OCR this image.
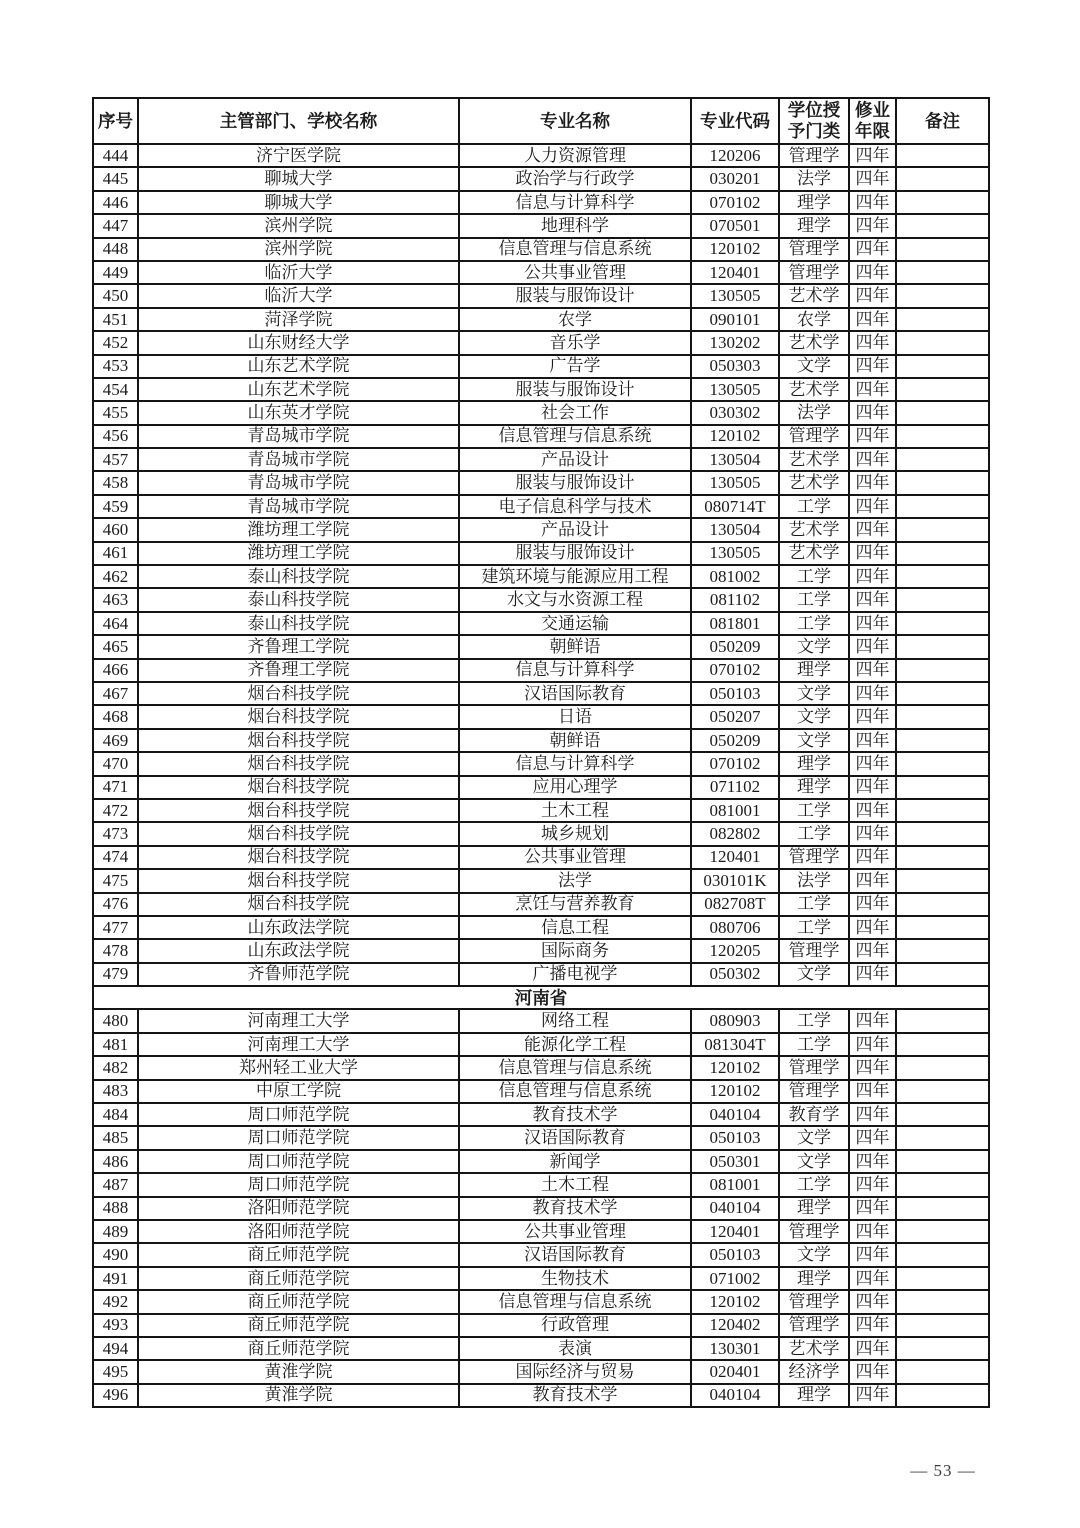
序号	主管部门、学校名称	专业名称	专业代码	学位授予门类	修业年限	备注
444	济宁医学院	人力资源管理	120206	管理学	四年	
445	聊城大学	政治学与行政学	030201	法学	四年	
446	聊城大学	信息与计算科学	070102	理学	四年	
447	滨州学院	地理科学	070501	理学	四年	
448	滨州学院	信息管理与信息系统	120102	管理学	四年	
449	临沂大学	公共事业管理	120401	管理学	四年	
450	临沂大学	服装与服饰设计	130505	艺术学	四年	
451	菏泽学院	农学	090101	农学	四年	
452	山东财经大学	音乐学	130202	艺术学	四年	
453	山东艺术学院	广告学	050303	文学	四年	
454	山东艺术学院	服装与服饰设计	130505	艺术学	四年	
455	山东英才学院	社会工作	030302	法学	四年	
456	青岛城市学院	信息管理与信息系统	120102	管理学	四年	
457	青岛城市学院	产品设计	130504	艺术学	四年	
458	青岛城市学院	服装与服饰设计	130505	艺术学	四年	
459	青岛城市学院	电子信息科学与技术	080714T	工学	四年	
460	潍坊理工学院	产品设计	130504	艺术学	四年	
461	潍坊理工学院	服装与服饰设计	130505	艺术学	四年	
462	泰山科技学院	建筑环境与能源应用工程	081002	工学	四年	
463	泰山科技学院	水文与水资源工程	081102	工学	四年	
464	泰山科技学院	交通运输	081801	工学	四年	
465	齐鲁理工学院	朝鲜语	050209	文学	四年	
466	齐鲁理工学院	信息与计算科学	070102	理学	四年	
467	烟台科技学院	汉语国际教育	050103	文学	四年	
468	烟台科技学院	日语	050207	文学	四年	
469	烟台科技学院	朝鲜语	050209	文学	四年	
470	烟台科技学院	信息与计算科学	070102	理学	四年	
471	烟台科技学院	应用心理学	071102	理学	四年	
472	烟台科技学院	土木工程	081001	工学	四年	
473	烟台科技学院	城乡规划	082802	工学	四年	
474	烟台科技学院	公共事业管理	120401	管理学	四年	
475	烟台科技学院	法学	030101K	法学	四年	
476	烟台科技学院	烹饪与营养教育	082708T	工学	四年	
477	山东政法学院	信息工程	080706	工学	四年	
478	山东政法学院	国际商务	120205	管理学	四年	
479	齐鲁师范学院	广播电视学	050302	文学	四年	
河南省						
480	河南理工大学	网络工程	080903	工学	四年	
481	河南理工大学	能源化学工程	081304T	工学	四年	
482	郑州轻工业大学	信息管理与信息系统	120102	管理学	四年	
483	中原工学院	信息管理与信息系统	120102	管理学	四年	
484	周口师范学院	教育技术学	040104	教育学	四年	
485	周口师范学院	汉语国际教育	050103	文学	四年	
486	周口师范学院	新闻学	050301	文学	四年	
487	周口师范学院	土木工程	081001	工学	四年	
488	洛阳师范学院	教育技术学	040104	理学	四年	
489	洛阳师范学院	公共事业管理	120401	管理学	四年	
490	商丘师范学院	汉语国际教育	050103	文学	四年	
491	商丘师范学院	生物技术	071002	理学	四年	
492	商丘师范学院	信息管理与信息系统	120102	管理学	四年	
493	商丘师范学院	行政管理	120402	管理学	四年	
494	商丘师范学院	表演	130301	艺术学	四年	
495	黄淮学院	国际经济与贸易	020401	经济学	四年	
496	黄淮学院	教育技术学	040104	理学	四年	
— 53 —
